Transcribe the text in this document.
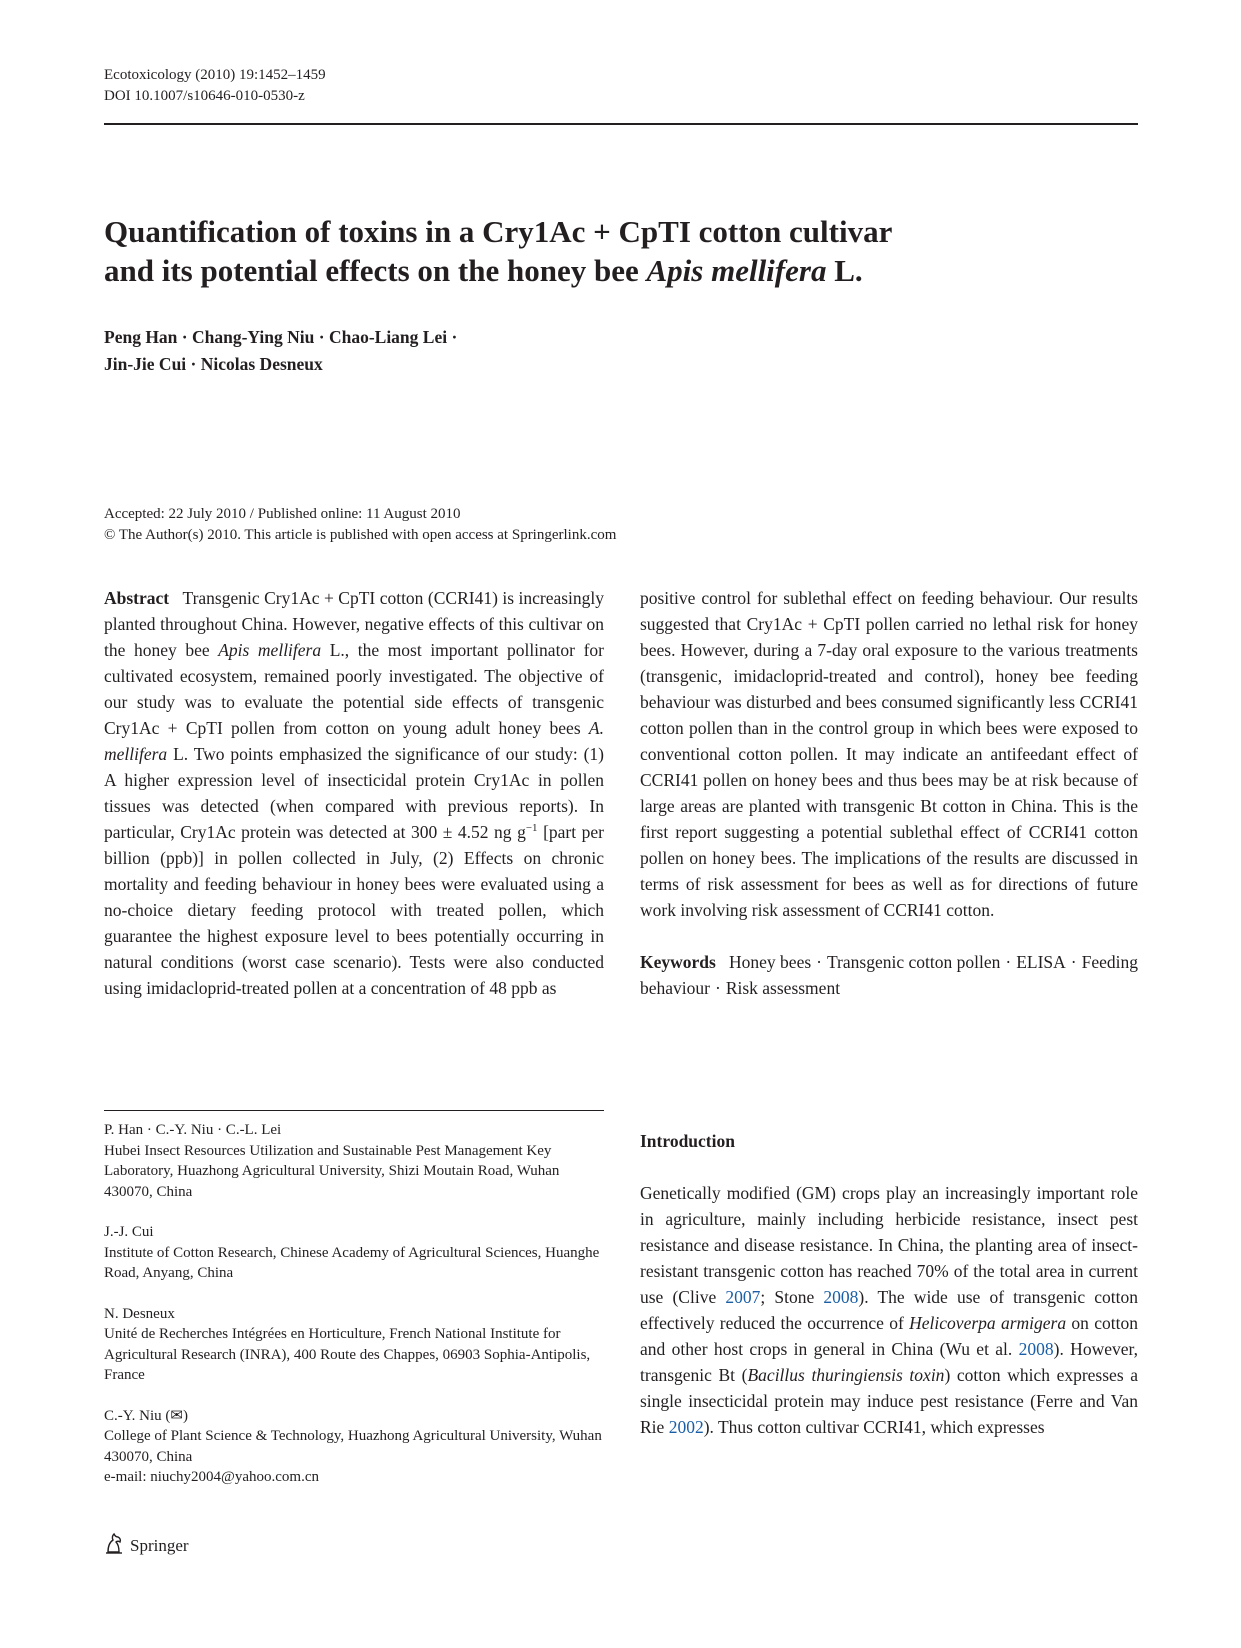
Ecotoxicology (2010) 19:1452–1459
DOI 10.1007/s10646-010-0530-z
Quantification of toxins in a Cry1Ac + CpTI cotton cultivar
and its potential effects on the honey bee Apis mellifera L.
Peng Han · Chang-Ying Niu · Chao-Liang Lei ·
Jin-Jie Cui · Nicolas Desneux
Accepted: 22 July 2010 / Published online: 11 August 2010
© The Author(s) 2010. This article is published with open access at Springerlink.com

Abstract Transgenic Cry1Ac + CpTI cotton (CCRI41) is increasingly planted throughout China. However, negative effects of this cultivar on the honey bee Apis mellifera L., the most important pollinator for cultivated ecosystem, remained poorly investigated. The objective of our study was to evaluate the potential side effects of transgenic Cry1Ac + CpTI pollen from cotton on young adult honey bees A. mellifera L. Two points emphasized the significance of our study: (1) A higher expression level of insecticidal protein Cry1Ac in pollen tissues was detected (when compared with previous reports). In particular, Cry1Ac protein was detected at 300 ± 4.52 ng $g^{-1}$ [part per billion (ppb)] in pollen collected in July, (2) Effects on chronic mortality and feeding behaviour in honey bees were evaluated using a no-choice dietary feeding protocol with treated pollen, which guarantee the highest exposure level to bees potentially occurring in natural conditions (worst case scenario). Tests were also conducted using imidacloprid-treated pollen at a concentration of 48 ppb as

positive control for sublethal effect on feeding behaviour. Our results suggested that Cry1Ac + CpTI pollen carried no lethal risk for honey bees. However, during a 7-day oral exposure to the various treatments (transgenic, imidacloprid-treated and control), honey bee feeding behaviour was disturbed and bees consumed significantly less CCRI41 cotton pollen than in the control group in which bees were exposed to conventional cotton pollen. It may indicate an antifeedant effect of CCRI41 pollen on honey bees and thus bees may be at risk because of large areas are planted with transgenic Bt cotton in China. This is the first report suggesting a potential sublethal effect of CCRI41 cotton pollen on honey bees. The implications of the results are discussed in terms of risk assessment for bees as well as for directions of future work involving risk assessment of CCRI41 cotton.

Keywords Honey bees · Transgenic cotton pollen · ELISA · Feeding behaviour · Risk assessment

P. Han · C.-Y. Niu · C.-L. Lei
Hubei Insect Resources Utilization and Sustainable Pest Management Key Laboratory, Huazhong Agricultural University, Shizi Moutain Road, Wuhan 430070, China
J.-J. Cui
Institute of Cotton Research, Chinese Academy of Agricultural Sciences, Huanghe Road, Anyang, China
N. Desneux
Unité de Recherches Intégrées en Horticulture, French National Institute for Agricultural Research (INRA), 400 Route des Chappes, 06903 Sophia-Antipolis, France
C.-Y. Niu (✉)
College of Plant Science & Technology, Huazhong Agricultural University, Wuhan 430070, China
e-mail: niuchy2004@yahoo.com.cn
Introduction

Genetically modified (GM) crops play an increasingly important role in agriculture, mainly including herbicide resistance, insect pest resistance and disease resistance. In China, the planting area of insect-resistant transgenic cotton has reached 70% of the total area in current use (Clive 2007; Stone 2008). The wide use of transgenic cotton effectively reduced the occurrence of Helicoverpa armigera on cotton and other host crops in general in China (Wu et al. 2008). However, transgenic Bt (Bacillus thuringiensis toxin) cotton which expresses a single insecticidal protein may induce pest resistance (Ferre and Van Rie 2002). Thus cotton cultivar CCRI41, which expresses

Springer
